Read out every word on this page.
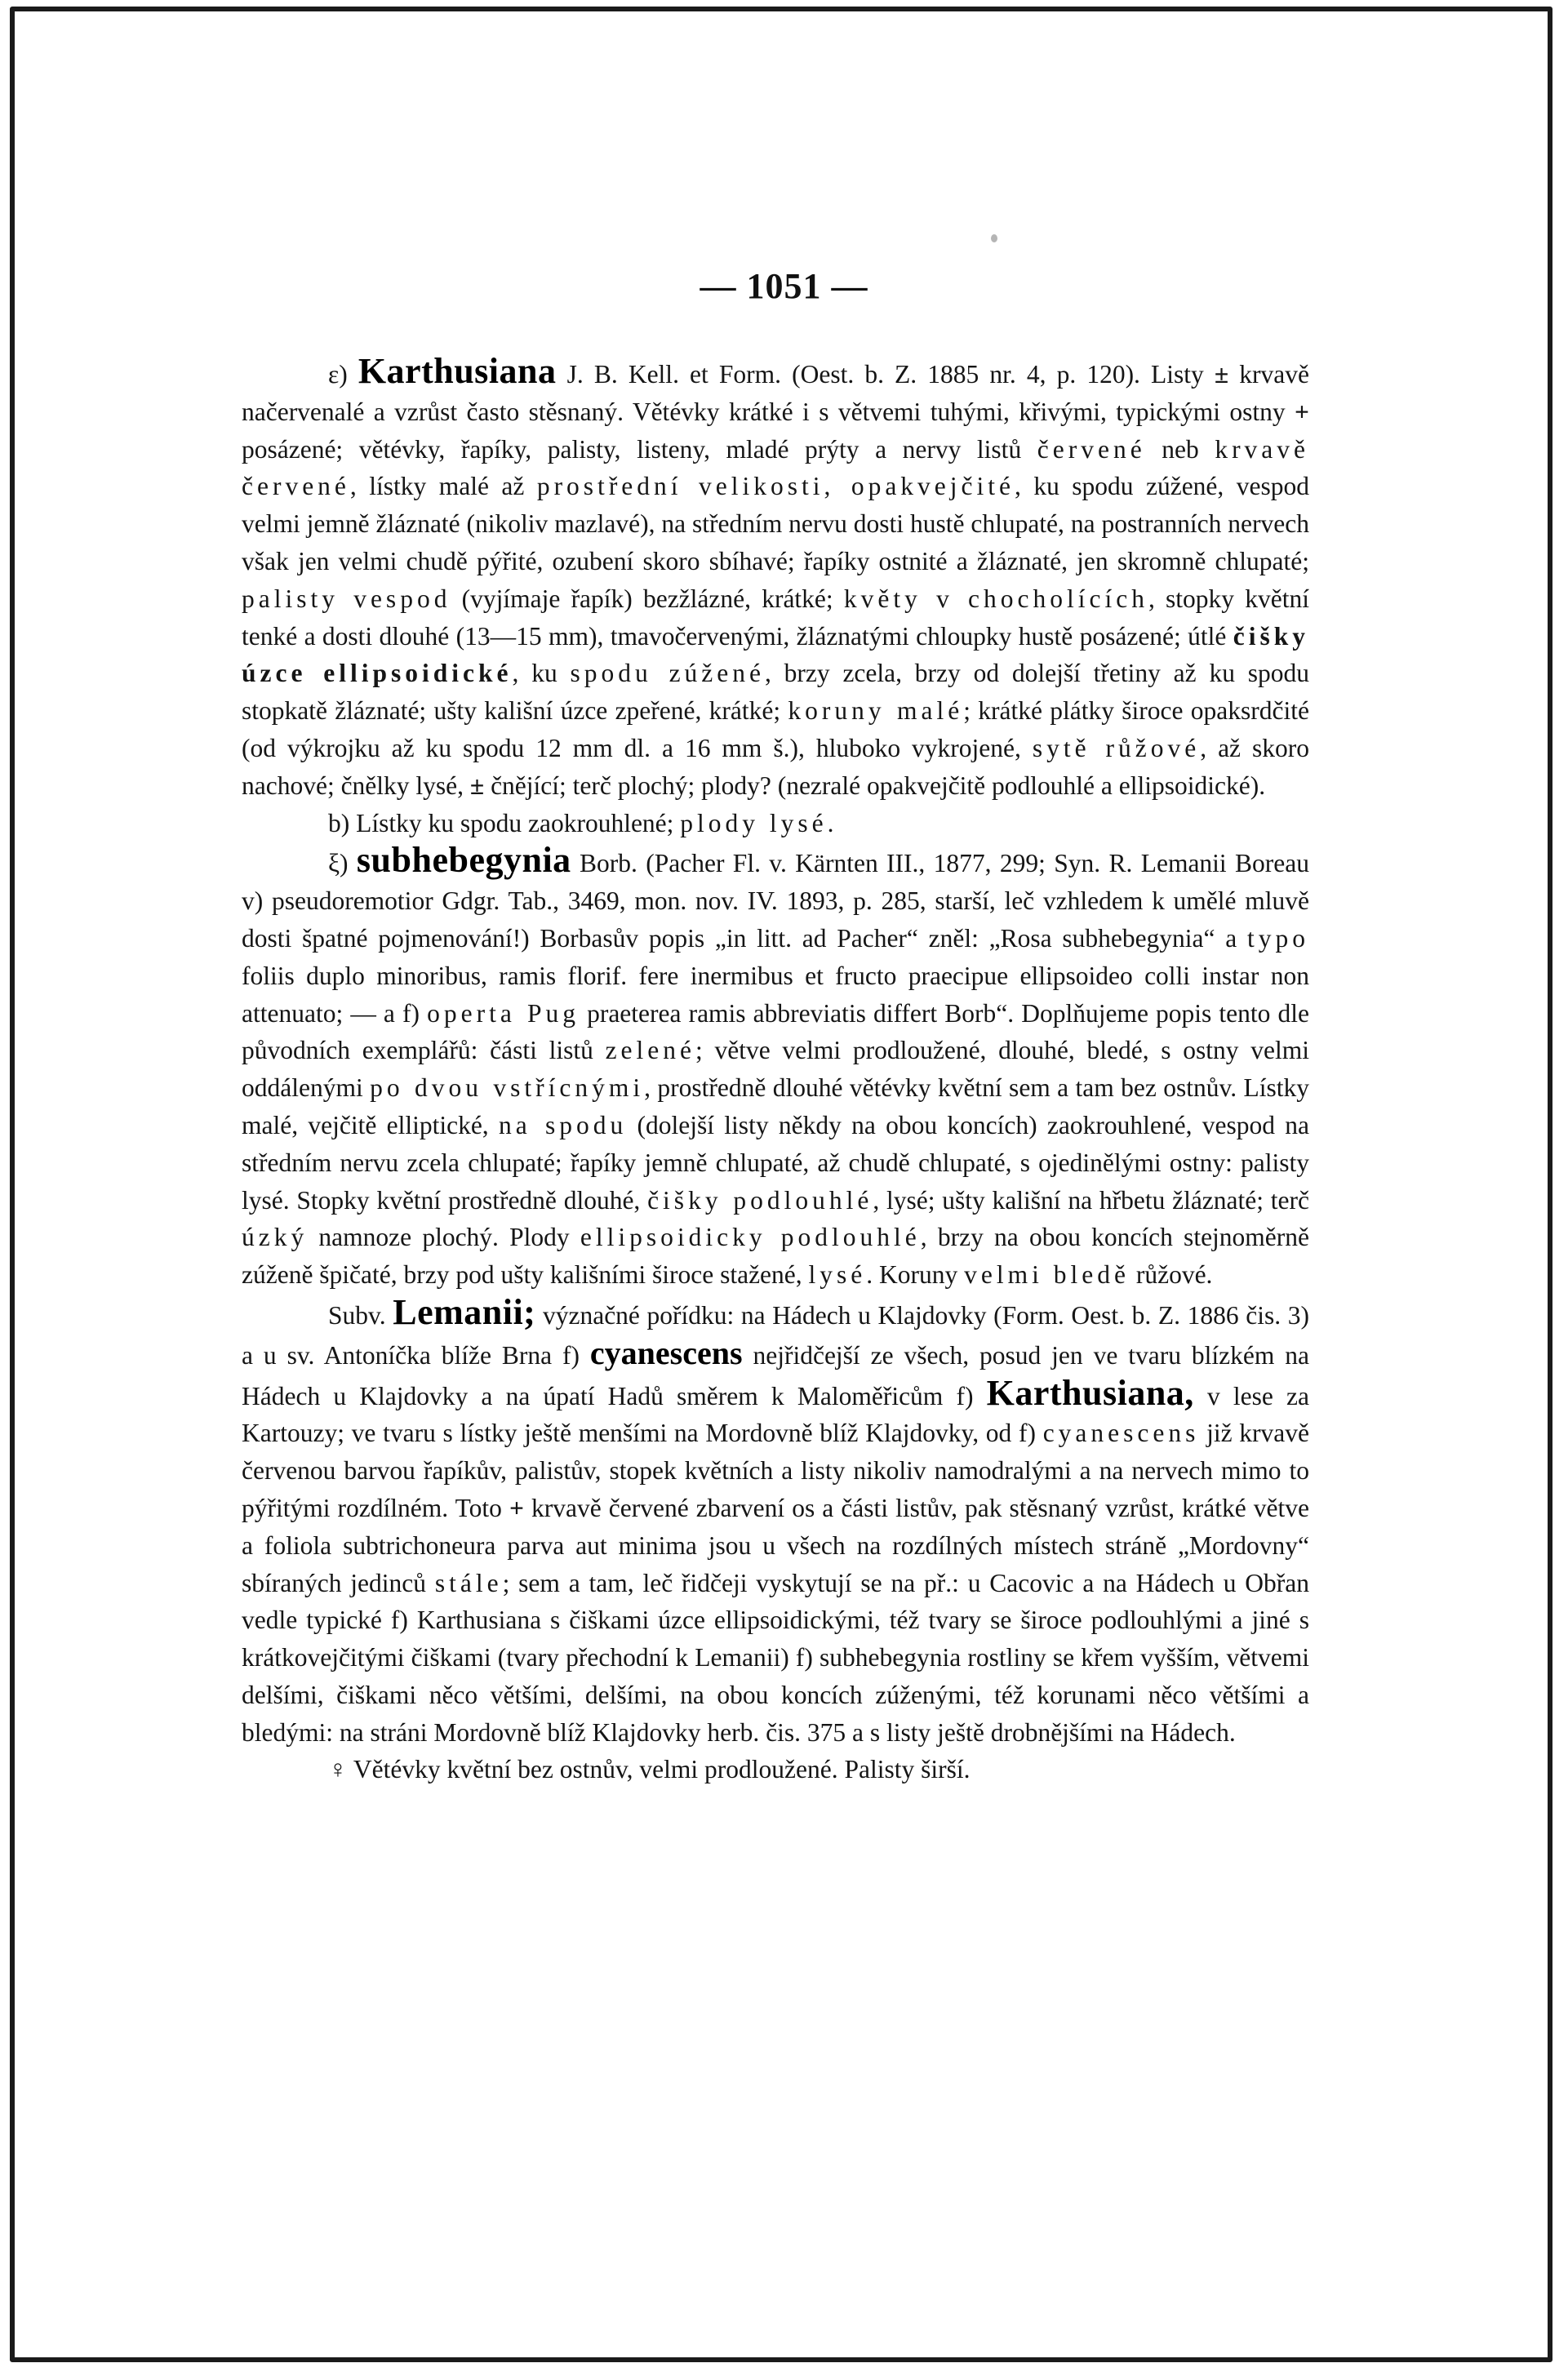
— 1051 —

ε) Karthusiana J. B. Kell. et Form. (Oest. b. Z. 1885 nr. 4, p. 120). Listy ± krvavě načervenalé a vzrůst často stěsnaný. Větévky krátké i s větvemi tuhými, křivými, typickými ostny + posázené; větévky, řapíky, palisty, listeny, mladé prýty a nervy listů červené neb krvavě červené, lístky malé až prostřední velikosti, opakvejčité, ku spodu zúžené, vespod velmi jemně žláznaté (nikoliv mazlavé), na středním nervu dosti hustě chlupaté, na postranních nervech však jen velmi chudě pýřité, ozubení skoro sbíhavé; řapíky ostnité a žláznaté, jen skromně chlupaté; palisty vespod (vyjímaje řapík) bezžlázné, krátké; květy v chocholících, stopky květní tenké a dosti dlouhé (13—15 mm), tmavočervenými, žláznatými chloupky hustě posázené; útlé čišky úzce ellipsoidické, ku spodu zúžené, brzy zcela, brzy od dolejší třetiny až ku spodu stopkatě žláznaté; ušty kališní úzce zpeřené, krátké; koruny malé; krátké plátky široce opaksrdčité (od výkrojku až ku spodu 12 mm dl. a 16 mm š.), hluboko vykrojené, sytě růžové, až skoro nachové; čnělky lysé, ± čnějící; terč plochý; plody? (nezralé opakvejčitě podlouhlé a ellipsoidické).

b) Lístky ku spodu zaokrouhlené; plody lysé.

ξ) subhebegynia Borb. (Pacher Fl. v. Kärnten III., 1877, 299; Syn. R. Lemanii Boreau v) pseudoremotior Gdgr. Tab., 3469, mon. nov. IV. 1893, p. 285, starší, leč vzhledem k umělé mluvě dosti špatné pojmenování!) Borbasův popis „in litt. ad Pacher“ zněl: „Rosa subhebegynia“ a typo foliis duplo minoribus, ramis florif. fere inermibus et fructo praecipue ellipsoideo colli instar non attenuato; — a f) operta Pug praeterea ramis abbreviatis differt Borb“. Doplňujeme popis tento dle původních exemplářů: části listů zelené; větve velmi prodloužené, dlouhé, bledé, s ostny velmi oddálenými po dvou vstřícnými, prostředně dlouhé větévky květní sem a tam bez ostnův. Lístky malé, vejčitě elliptické, na spodu (dolejší listy někdy na obou koncích) zaokrouhlené, vespod na středním nervu zcela chlupaté; řapíky jemně chlupaté, až chudě chlupaté, s ojedinělými ostny: palisty lysé. Stopky květní prostředně dlouhé, čišky podlouhlé, lysé; ušty kališní na hřbetu žláznaté; terč úzký namnoze plochý. Plody ellipsoidicky podlouhlé, brzy na obou koncích stejnoměrně zúženě špičaté, brzy pod ušty kališními široce stažené, lysé. Koruny velmi bledě růžové.

Subv. Lemanii; význačné pořídku: na Hádech u Klajdovky (Form. Oest. b. Z. 1886 čis. 3) a u sv. Antoníčka blíže Brna f) cyanescens nejřidčejší ze všech, posud jen ve tvaru blízkém na Hádech u Klajdovky a na úpatí Hadů směrem k Maloměřicům f) Karthusiana, v lese za Kartouzy; ve tvaru s lístky ještě menšími na Mordovně blíž Klajdovky, od f) cyanescens již krvavě červenou barvou řapíkův, palistův, stopek květních a listy nikoliv namodralými a na nervech mimo to pýřitými rozdílném. Toto + krvavě červené zbarvení os a části listův, pak stěsnaný vzrůst, krátké větve a foliola subtrichoneura parva aut minima jsou u všech na rozdílných místech stráně „Mordovny“ sbíraných jedinců stále; sem a tam, leč řidčeji vyskytují se na př.: u Cacovic a na Hádech u Obřan vedle typické f) Karthusiana s čiškami úzce ellipsoidickými, též tvary se široce podlouhlými a jiné s krátkovejčitými čiškami (tvary přechodní k Lemanii) f) subhebegynia rostliny se křem vyšším, větvemi delšími, čiškami něco většími, delšími, na obou koncích zúženými, též korunami něco většími a bledými: na stráni Mordovně blíž Klajdovky herb. čis. 375 a s listy ještě drobnějšími na Hádech.

♀ Větévky květní bez ostnův, velmi prodloužené. Palisty širší.
